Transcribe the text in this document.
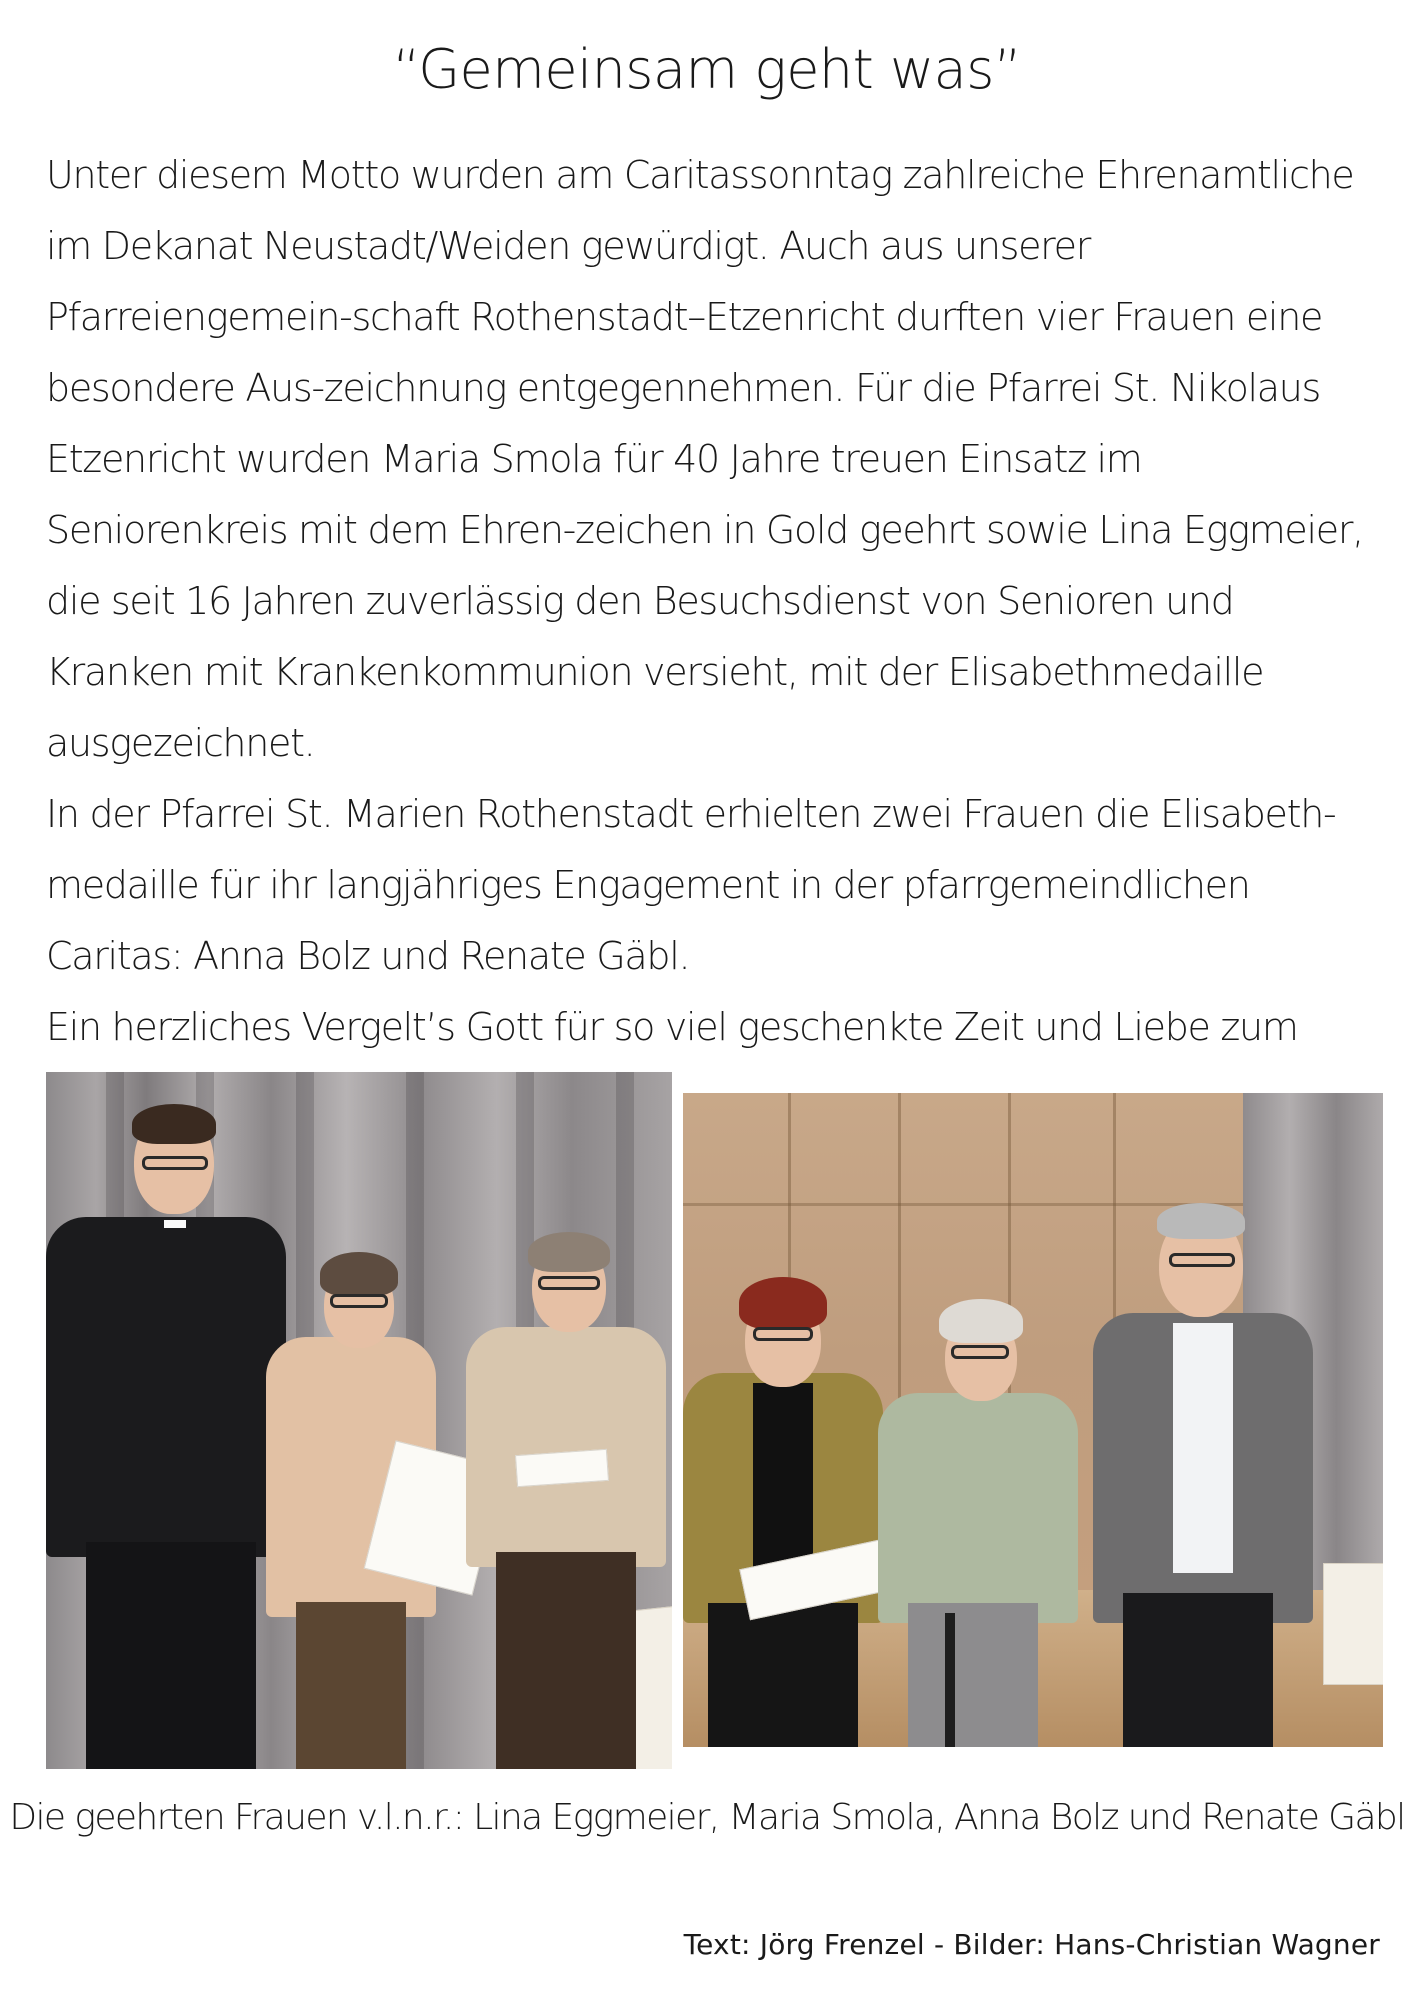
“Gemeinsam geht was”

Unter diesem Motto wurden am Caritassonntag zahlreiche Ehrenamtliche im Dekanat Neustadt/Weiden gewürdigt. Auch aus unserer Pfarreiengemein-schaft Rothenstadt–Etzenricht durften vier Frauen eine besondere Aus-zeichnung entgegennehmen. Für die Pfarrei St. Nikolaus Etzenricht wurden Maria Smola für 40 Jahre treuen Einsatz im Seniorenkreis mit dem Ehren-zeichen in Gold geehrt sowie Lina Eggmeier, die seit 16 Jahren zuverlässig den Besuchsdienst von Senioren und Kranken mit Krankenkommunion versieht, mit der Elisabethmedaille ausgezeichnet.

In der Pfarrei St. Marien Rothenstadt erhielten zwei Frauen die Elisabeth-medaille für ihr langjähriges Engagement in der pfarrgemeindlichen Caritas: Anna Bolz und Renate Gäbl.

Ein herzliches Vergelt’s Gott für so viel geschenkte Zeit und Liebe zum

Die geehrten Frauen v.l.n.r.: Lina Eggmeier, Maria Smola, Anna Bolz und Renate Gäbl
Text: Jörg Frenzel - Bilder: Hans-Christian Wagner
